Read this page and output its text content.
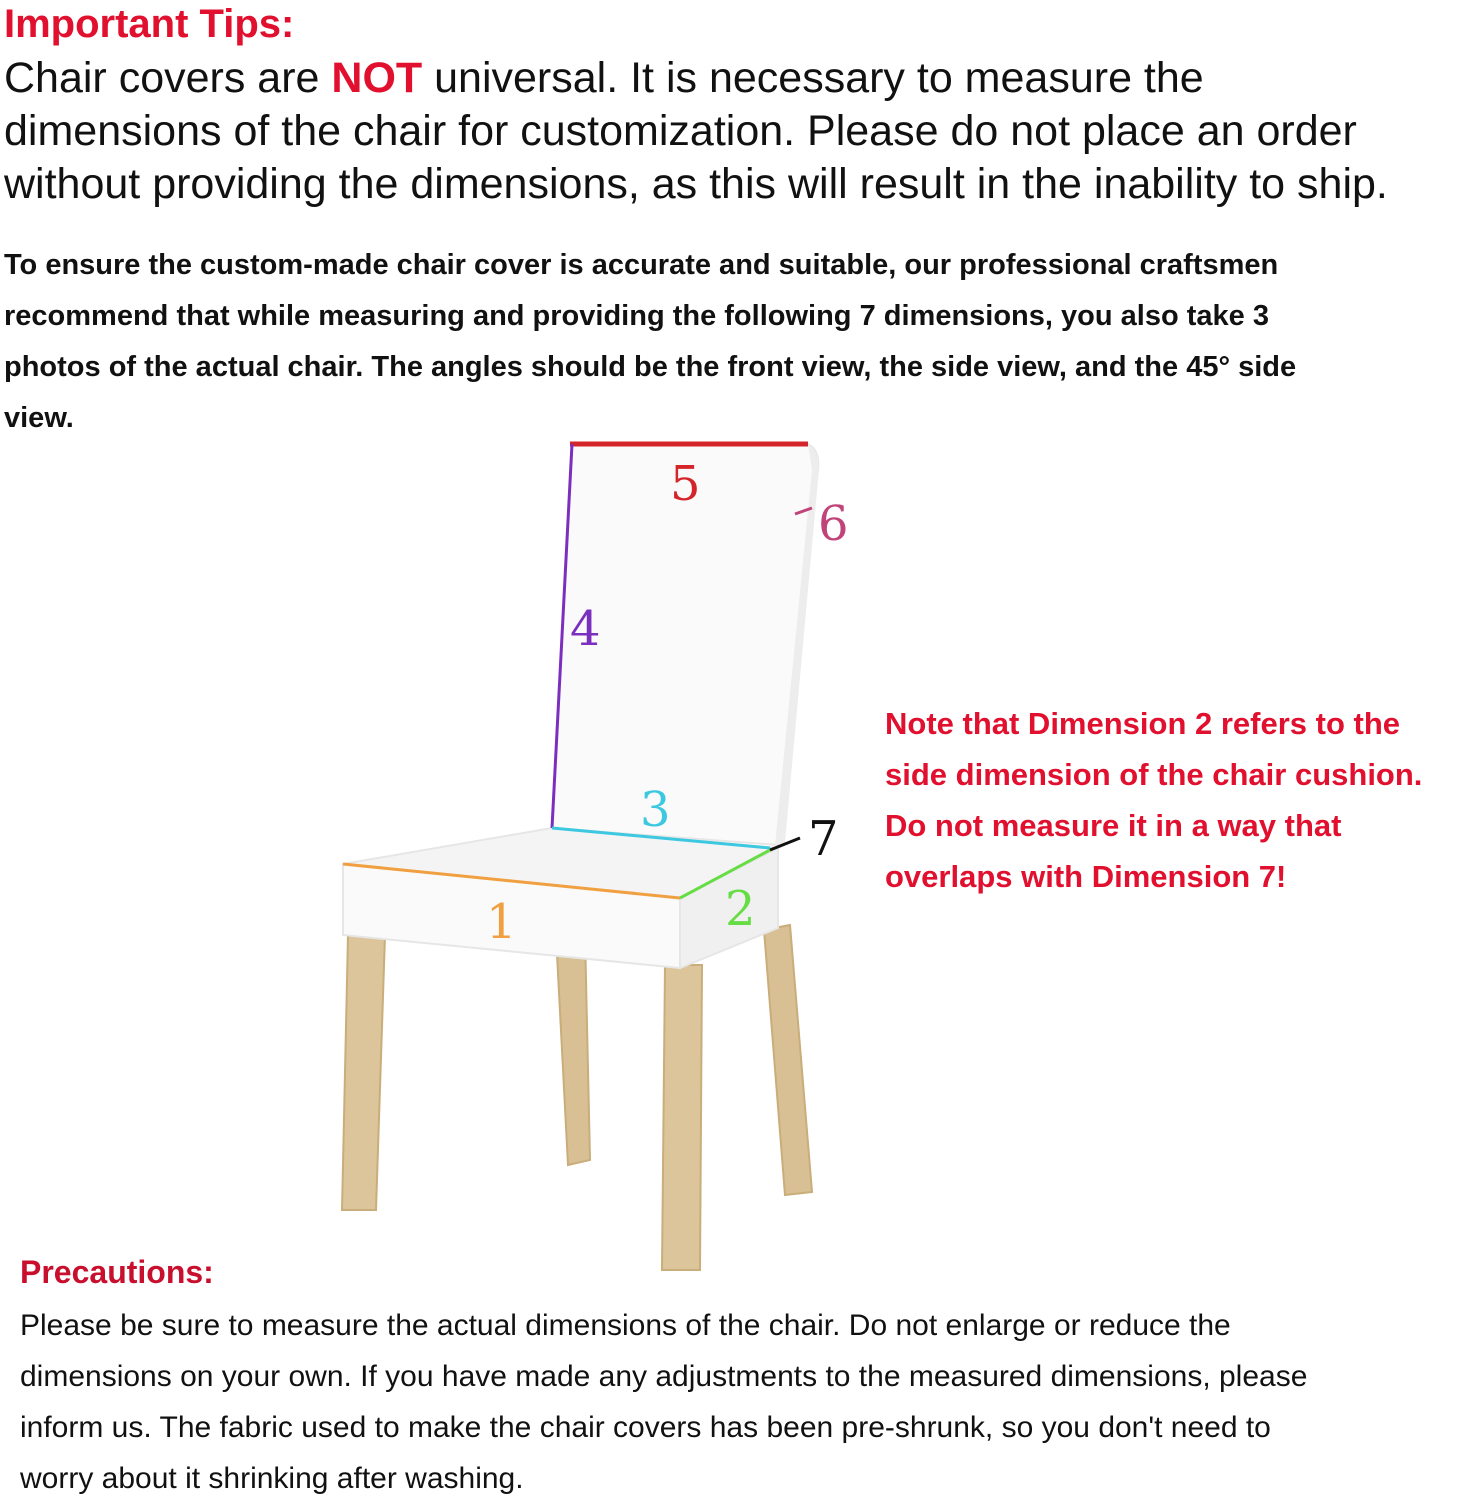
Important Tips:
Chair covers are NOT universal. It is necessary to measure the
dimensions of the chair for customization. Please do not place an order
without providing the dimensions, as this will result in the inability to ship.
To ensure the custom-made chair cover is accurate and suitable, our professional craftsmen
recommend that while measuring and providing the following 7 dimensions, you also take 3
photos of the actual chair. The angles should be the front view, the side view, and the 45° side
view.
5
6
4
3
7
1	2
Note that Dimension 2 refers to the
side dimension of the chair cushion.
Do not measure it in a way that
overlaps with Dimension 7!
Precautions:
Please be sure to measure the actual dimensions of the chair. Do not enlarge or reduce the
dimensions on your own. If you have made any adjustments to the measured dimensions, please
inform us. The fabric used to make the chair covers has been pre-shrunk, so you don't need to
worry about it shrinking after washing.
